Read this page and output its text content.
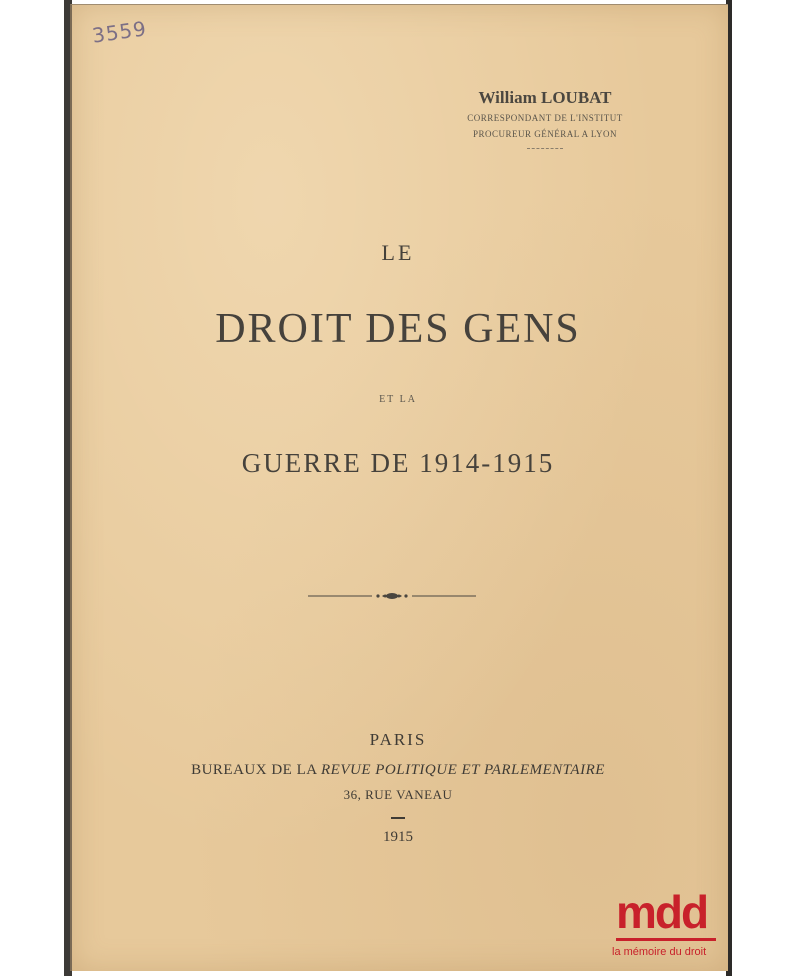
3559

William LOUBAT

CORRESPONDANT DE L'INSTITUT

PROCUREUR GÉNÉRAL A LYON

LE

DROIT DES GENS

ET LA

GUERRE DE 1914-1915

PARIS

BUREAUX DE LA REVUE POLITIQUE ET PARLEMENTAIRE

36, RUE VANEAU

1915

mdd

la mémoire du droit
